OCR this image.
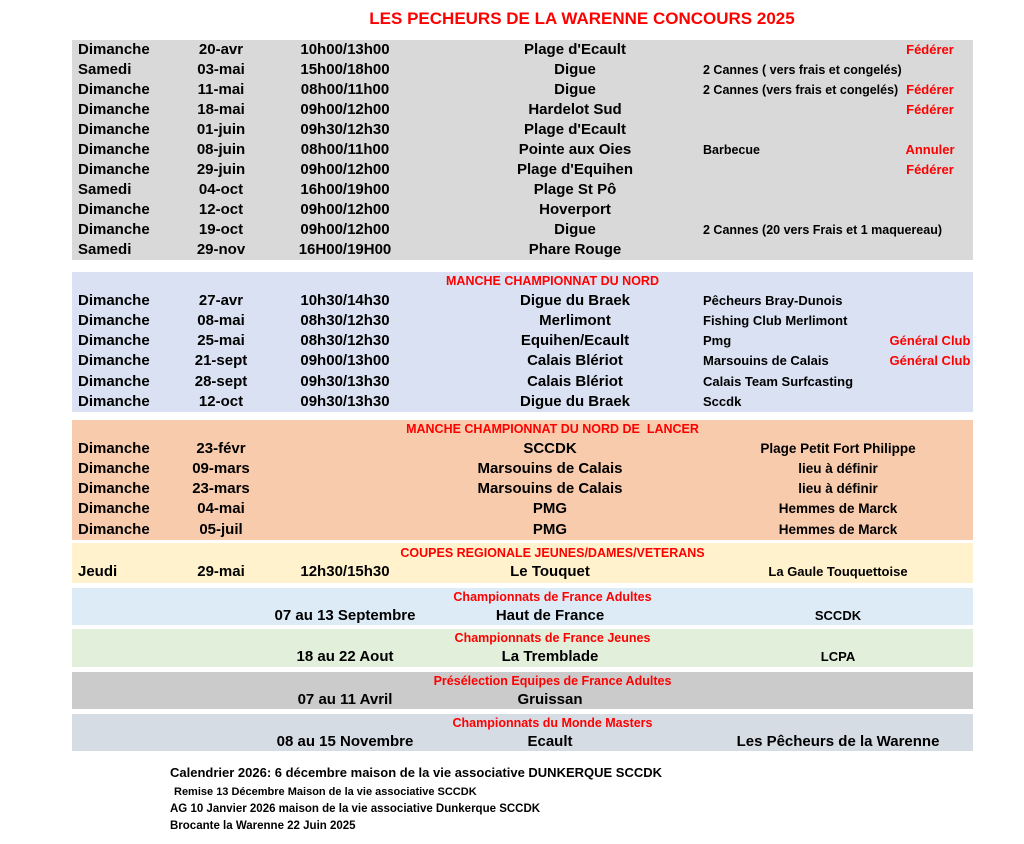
LES PECHEURS DE LA WARENNE CONCOURS 2025
Dimanche	20-avr	10h00/13h00	Plage d'Ecault	Fédérer
Samedi	03-mai	15h00/18h00	Digue	2 Cannes ( vers frais et congelés)
Dimanche	11-mai	08h00/11h00	Digue	2 Cannes (vers frais et congelés) Fédérer
Dimanche	18-mai	09h00/12h00	Hardelot Sud	Fédérer
Dimanche	01-juin	09h30/12h30	Plage d'Ecault
Dimanche	08-juin	08h00/11h00	Pointe aux Oies	Barbecue	Annuler
Dimanche	29-juin	09h00/12h00	Plage d'Equihen	Fédérer
Samedi	04-oct	16h00/19h00	Plage St Pô
Dimanche	12-oct	09h00/12h00	Hoverport
Dimanche	19-oct	09h00/12h00	Digue	2 Cannes (20 vers Frais et 1 maquereau)
Samedi	29-nov	16H00/19H00	Phare Rouge
MANCHE CHAMPIONNAT DU NORD
Dimanche	27-avr	10h30/14h30	Digue du Braek	Pêcheurs Bray-Dunois
Dimanche	08-mai	08h30/12h30	Merlimont	Fishing Club Merlimont
Dimanche	25-mai	08h30/12h30	Equihen/Ecault	Pmg	Général Club
Dimanche	21-sept	09h00/13h00	Calais Blériot	Marsouins de Calais	Général Club
Dimanche	28-sept	09h30/13h30	Calais Blériot	Calais Team Surfcasting
Dimanche	12-oct	09h30/13h30	Digue du Braek	Sccdk
MANCHE CHAMPIONNAT DU NORD DE  LANCER
Dimanche	23-févr	SCCDK	Plage Petit Fort Philippe
Dimanche	09-mars	Marsouins de Calais	lieu à définir
Dimanche	23-mars	Marsouins de Calais	lieu à définir
Dimanche	04-mai	PMG	Hemmes de Marck
Dimanche	05-juil	PMG	Hemmes de Marck
COUPES REGIONALE JEUNES/DAMES/VETERANS
Jeudi	29-mai	12h30/15h30	Le Touquet	La Gaule Touquettoise
Championnats de France Adultes
07 au 13 Septembre	Haut de France	SCCDK
Championnats de France Jeunes
18 au 22 Aout	La Tremblade	LCPA
Présélection Equipes de France Adultes
07 au 11 Avril	Gruissan
Championnats du Monde Masters
08 au 15 Novembre	Ecault	Les Pêcheurs de la Warenne
Calendrier 2026: 6 décembre maison de la vie associative DUNKERQUE SCCDK
Remise 13 Décembre Maison de la vie associative SCCDK
AG 10 Janvier 2026 maison de la vie associative Dunkerque SCCDK
Brocante la Warenne 22 Juin 2025
